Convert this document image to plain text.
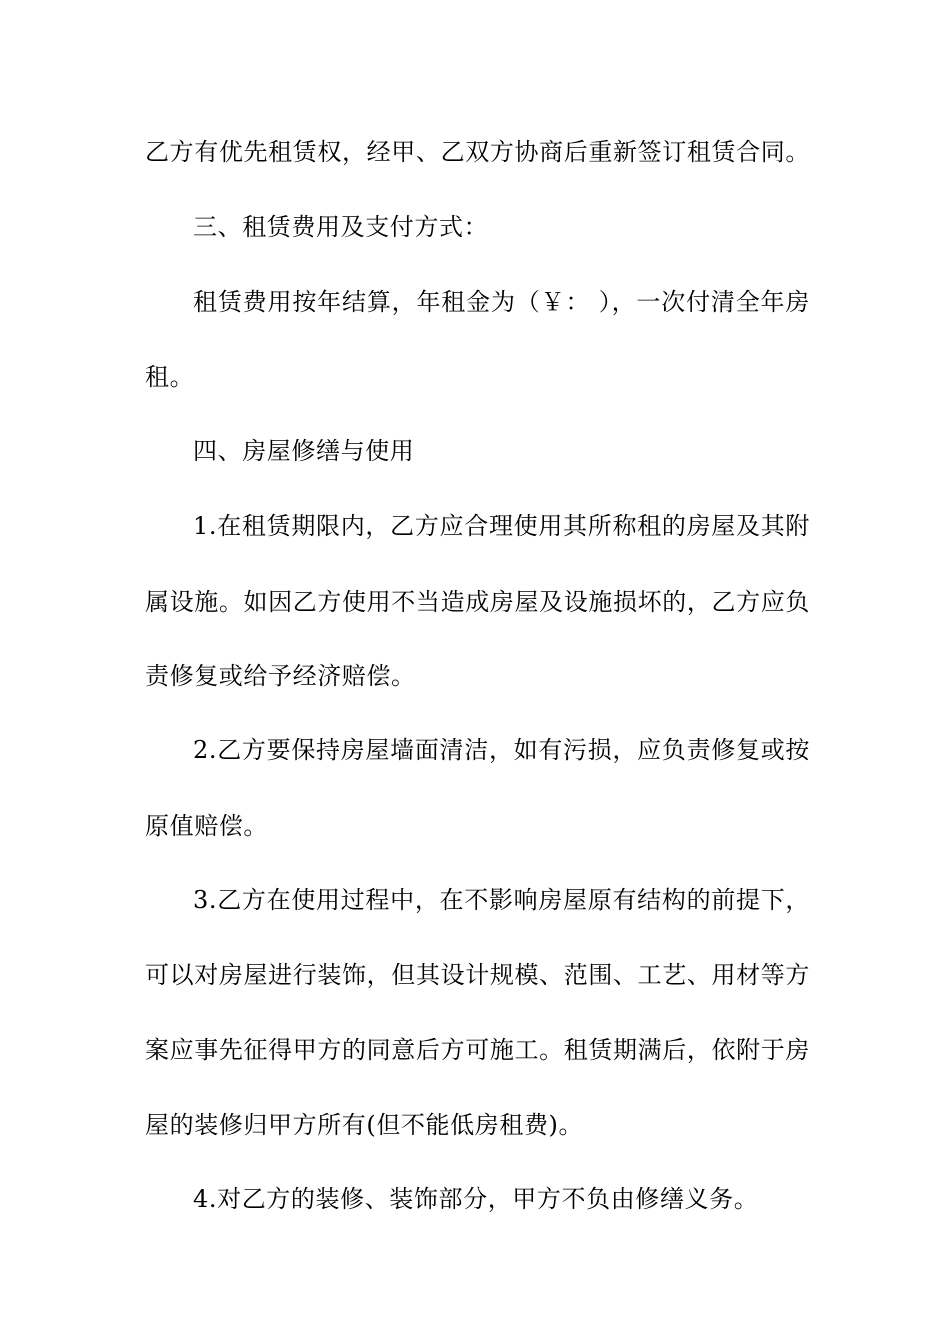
乙方有优先租赁权，经甲、乙双方协商后重新签订租赁合同。
三、租赁费用及支付方式：
租赁费用按年结算，年租金为（￥： ），一次付清全年房
租。
四、房屋修缮与使用
1.在租赁期限内，乙方应合理使用其所称租的房屋及其附
属设施。如因乙方使用不当造成房屋及设施损坏的，乙方应负
责修复或给予经济赔偿。
2.乙方要保持房屋墙面清洁，如有污损，应负责修复或按
原值赔偿。
3.乙方在使用过程中，在不影响房屋原有结构的前提下，
可以对房屋进行装饰，但其设计规模、范围、工艺、用材等方
案应事先征得甲方的同意后方可施工。租赁期满后，依附于房
屋的装修归甲方所有(但不能低房租费)。
4.对乙方的装修、装饰部分，甲方不负由修缮义务。
